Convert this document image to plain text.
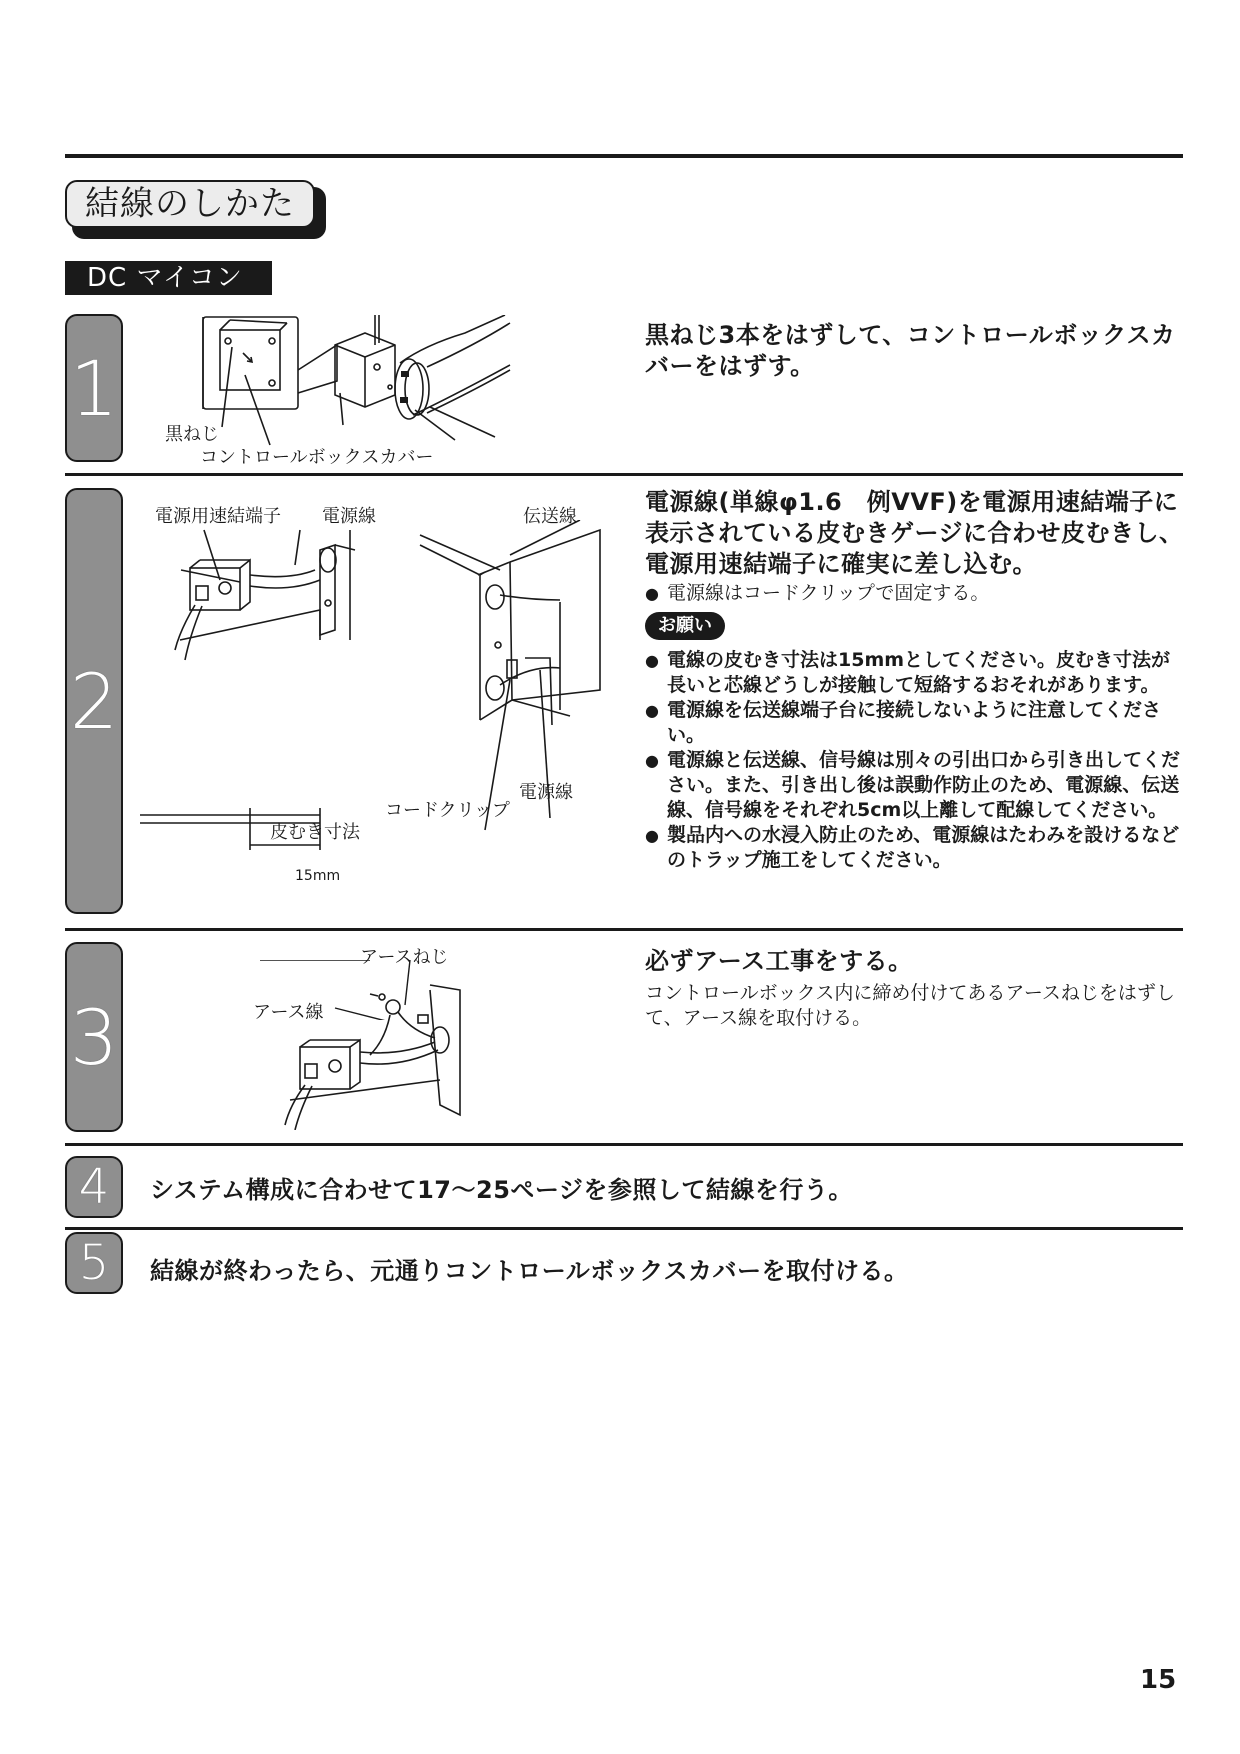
結線のしかた
DC マイコン
1
黒ねじ
コントロールボックスカバー
黒ねじ3本をはずして、コントロールボックスカバーをはずす。
2
電源用速結端子 電源線	伝送線
電源線
コードクリップ
皮むき寸法
15mm
電源線(単線φ1.6　例VVF)を電源用速結端子に表示されている皮むきゲージに合わせ皮むきし、電源用速結端子に確実に差し込む。
● 電源線はコードクリップで固定する。
お願い
● 電線の皮むき寸法は15mmとしてください。皮むき寸法が長いと芯線どうしが接触して短絡するおそれがあります。
● 電源線を伝送線端子台に接続しないように注意してください。
● 電源線と伝送線、信号線は別々の引出口から引き出してください。また、引き出し後は誤動作防止のため、電源線、伝送線、信号線をそれぞれ5cm以上離して配線してください。
● 製品内への水浸入防止のため、電源線はたわみを設けるなどのトラップ施工をしてください。
3
アースねじ
アース線
必ずアース工事をする。
コントロールボックス内に締め付けてあるアースねじをはずして、アース線を取付ける。
4	システム構成に合わせて17〜25ページを参照して結線を行う。
5	結線が終わったら、元通りコントロールボックスカバーを取付ける。
15
